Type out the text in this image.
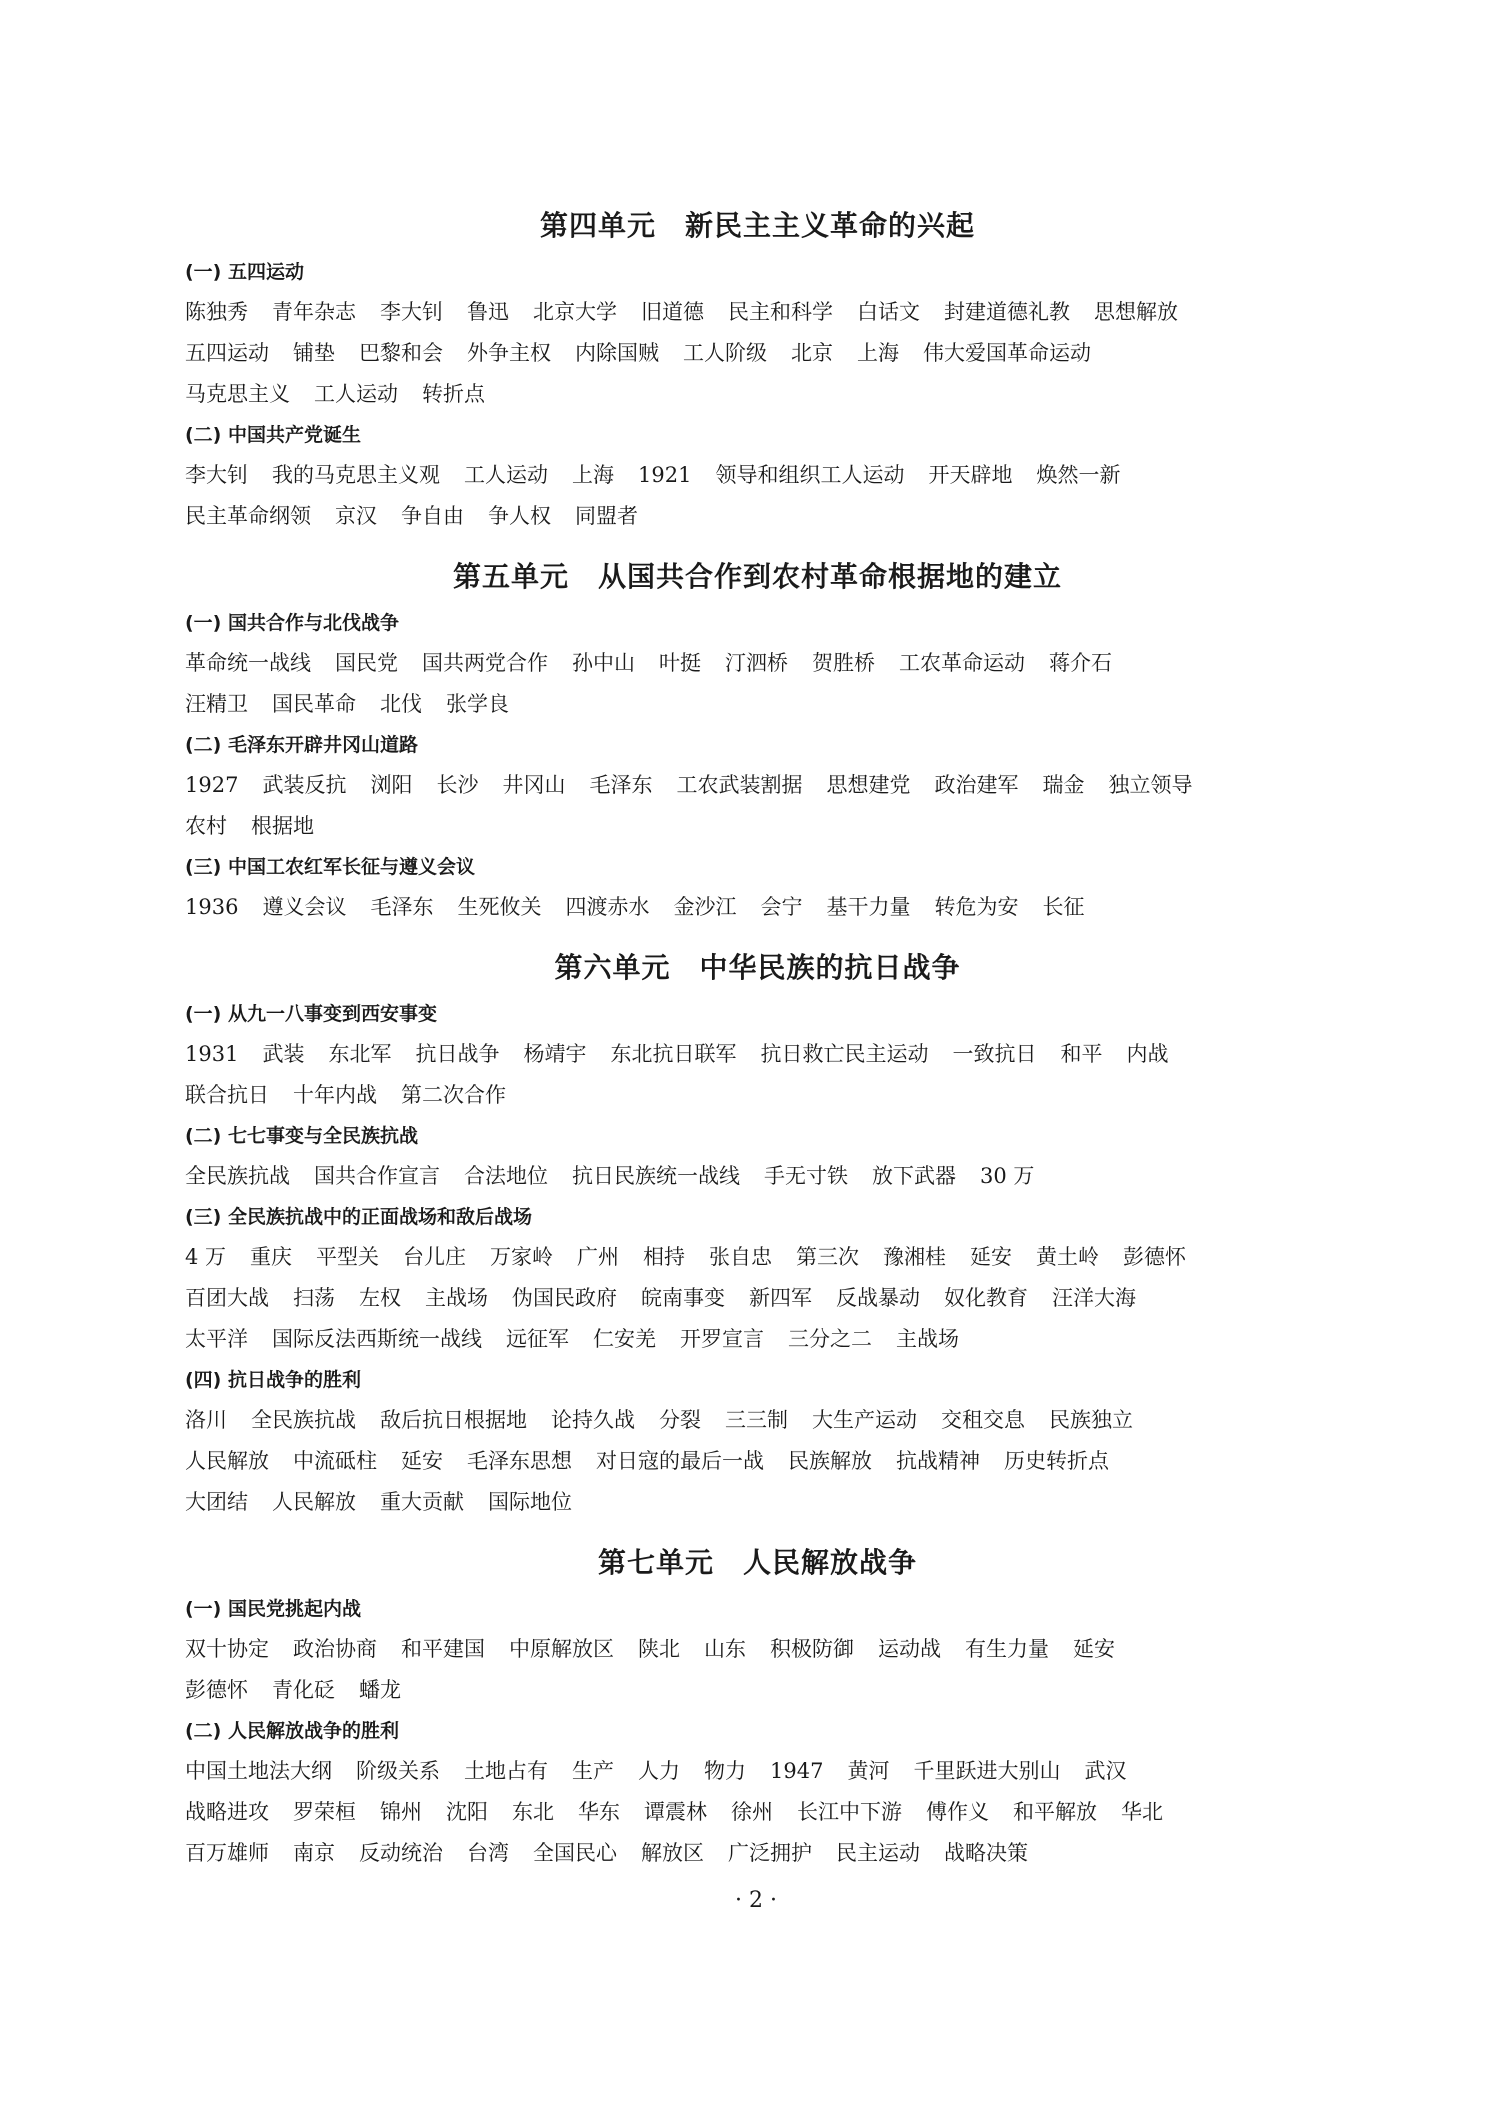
第四单元　新民主主义革命的兴起
(一) 五四运动
陈独秀 青年杂志 李大钊 鲁迅 北京大学 旧道德 民主和科学 白话文 封建道德礼教 思想解放
五四运动 铺垫 巴黎和会 外争主权 内除国贼 工人阶级 北京 上海 伟大爱国革命运动
马克思主义 工人运动 转折点
(二) 中国共产党诞生
李大钊 我的马克思主义观 工人运动 上海 1921 领导和组织工人运动 开天辟地 焕然一新
民主革命纲领 京汉 争自由 争人权 同盟者
第五单元　从国共合作到农村革命根据地的建立
(一) 国共合作与北伐战争
革命统一战线 国民党 国共两党合作 孙中山 叶挺 汀泗桥 贺胜桥 工农革命运动 蒋介石
汪精卫 国民革命 北伐 张学良
(二) 毛泽东开辟井冈山道路
1927 武装反抗 浏阳 长沙 井冈山 毛泽东 工农武装割据 思想建党 政治建军 瑞金 独立领导
农村 根据地
(三) 中国工农红军长征与遵义会议
1936 遵义会议 毛泽东 生死攸关 四渡赤水 金沙江 会宁 基干力量 转危为安 长征
第六单元　中华民族的抗日战争
(一) 从九一八事变到西安事变
1931 武装 东北军 抗日战争 杨靖宇 东北抗日联军 抗日救亡民主运动 一致抗日 和平 内战
联合抗日 十年内战 第二次合作
(二) 七七事变与全民族抗战
全民族抗战 国共合作宣言 合法地位 抗日民族统一战线 手无寸铁 放下武器 30 万
(三) 全民族抗战中的正面战场和敌后战场
4 万 重庆 平型关 台儿庄 万家岭 广州 相持 张自忠 第三次 豫湘桂 延安 黄土岭 彭德怀
百团大战 扫荡 左权 主战场 伪国民政府 皖南事变 新四军 反战暴动 奴化教育 汪洋大海
太平洋 国际反法西斯统一战线 远征军 仁安羌 开罗宣言 三分之二 主战场
(四) 抗日战争的胜利
洛川 全民族抗战 敌后抗日根据地 论持久战 分裂 三三制 大生产运动 交租交息 民族独立
人民解放 中流砥柱 延安 毛泽东思想 对日寇的最后一战 民族解放 抗战精神 历史转折点
大团结 人民解放 重大贡献 国际地位
第七单元　人民解放战争
(一) 国民党挑起内战
双十协定 政治协商 和平建国 中原解放区 陕北 山东 积极防御 运动战 有生力量 延安
彭德怀 青化砭 蟠龙
(二) 人民解放战争的胜利
中国土地法大纲 阶级关系 土地占有 生产 人力 物力 1947 黄河 千里跃进大别山 武汉
战略进攻 罗荣桓 锦州 沈阳 东北 华东 谭震林 徐州 长江中下游 傅作义 和平解放 华北
百万雄师 南京 反动统治 台湾 全国民心 解放区 广泛拥护 民主运动 战略决策
· 2 ·
